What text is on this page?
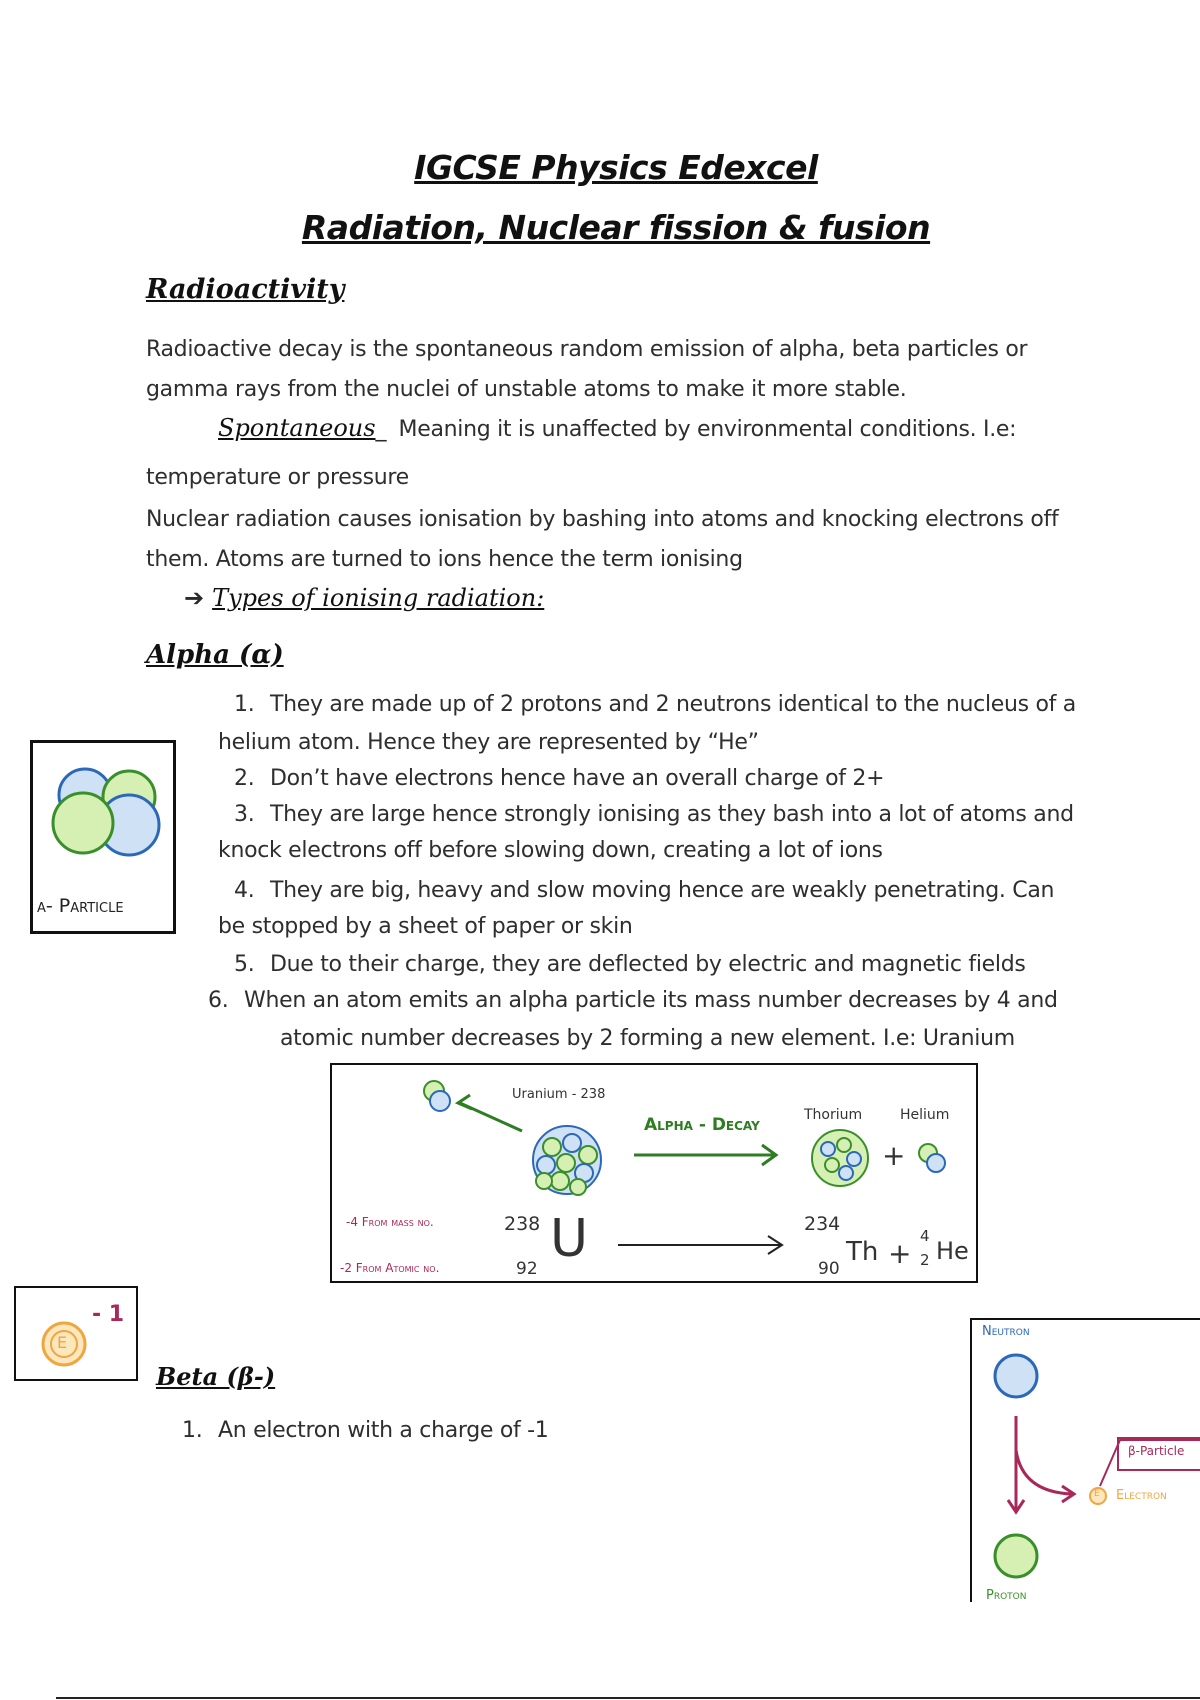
IGCSE Physics Edexcel
Radiation, Nuclear fission & fusion
Radioactivity
Radioactive decay is the spontaneous random emission of alpha, beta particles or
gamma rays from the nuclei of unstable atoms to make it more stable.
Spontaneous_ Meaning it is unaffected by environmental conditions. I.e:
temperature or pressure
Nuclear radiation causes ionisation by bashing into atoms and knocking electrons off
them. Atoms are turned to ions hence the term ionising
➔ Types of ionising radiation:
Alpha (α)
1. They are made up of 2 protons and 2 neutrons identical to the nucleus of a
helium atom. Hence they are represented by “He”
2. Don’t have electrons hence have an overall charge of 2+
3. They are large hence strongly ionising as they bash into a lot of atoms and
knock electrons off before slowing down, creating a lot of ions
4. They are big, heavy and slow moving hence are weakly penetrating. Can
be stopped by a sheet of paper or skin
5. Due to their charge, they are deflected by electric and magnetic fields
6. When an atom emits an alpha particle its mass number decreases by 4 and
atomic number decreases by 2 forming a new element. I.e: Uranium
α- Particle
Uranium - 238
Alpha - Decay	Thorium	Helium
+
-4 From mass no.
-2 From Atomic no.
238
92 U	234
90
Th +
4
2 He
E
- 1
Beta (β-)
1. An electron with a charge of -1
Neutron
β-Particle
E Electron
Proton
